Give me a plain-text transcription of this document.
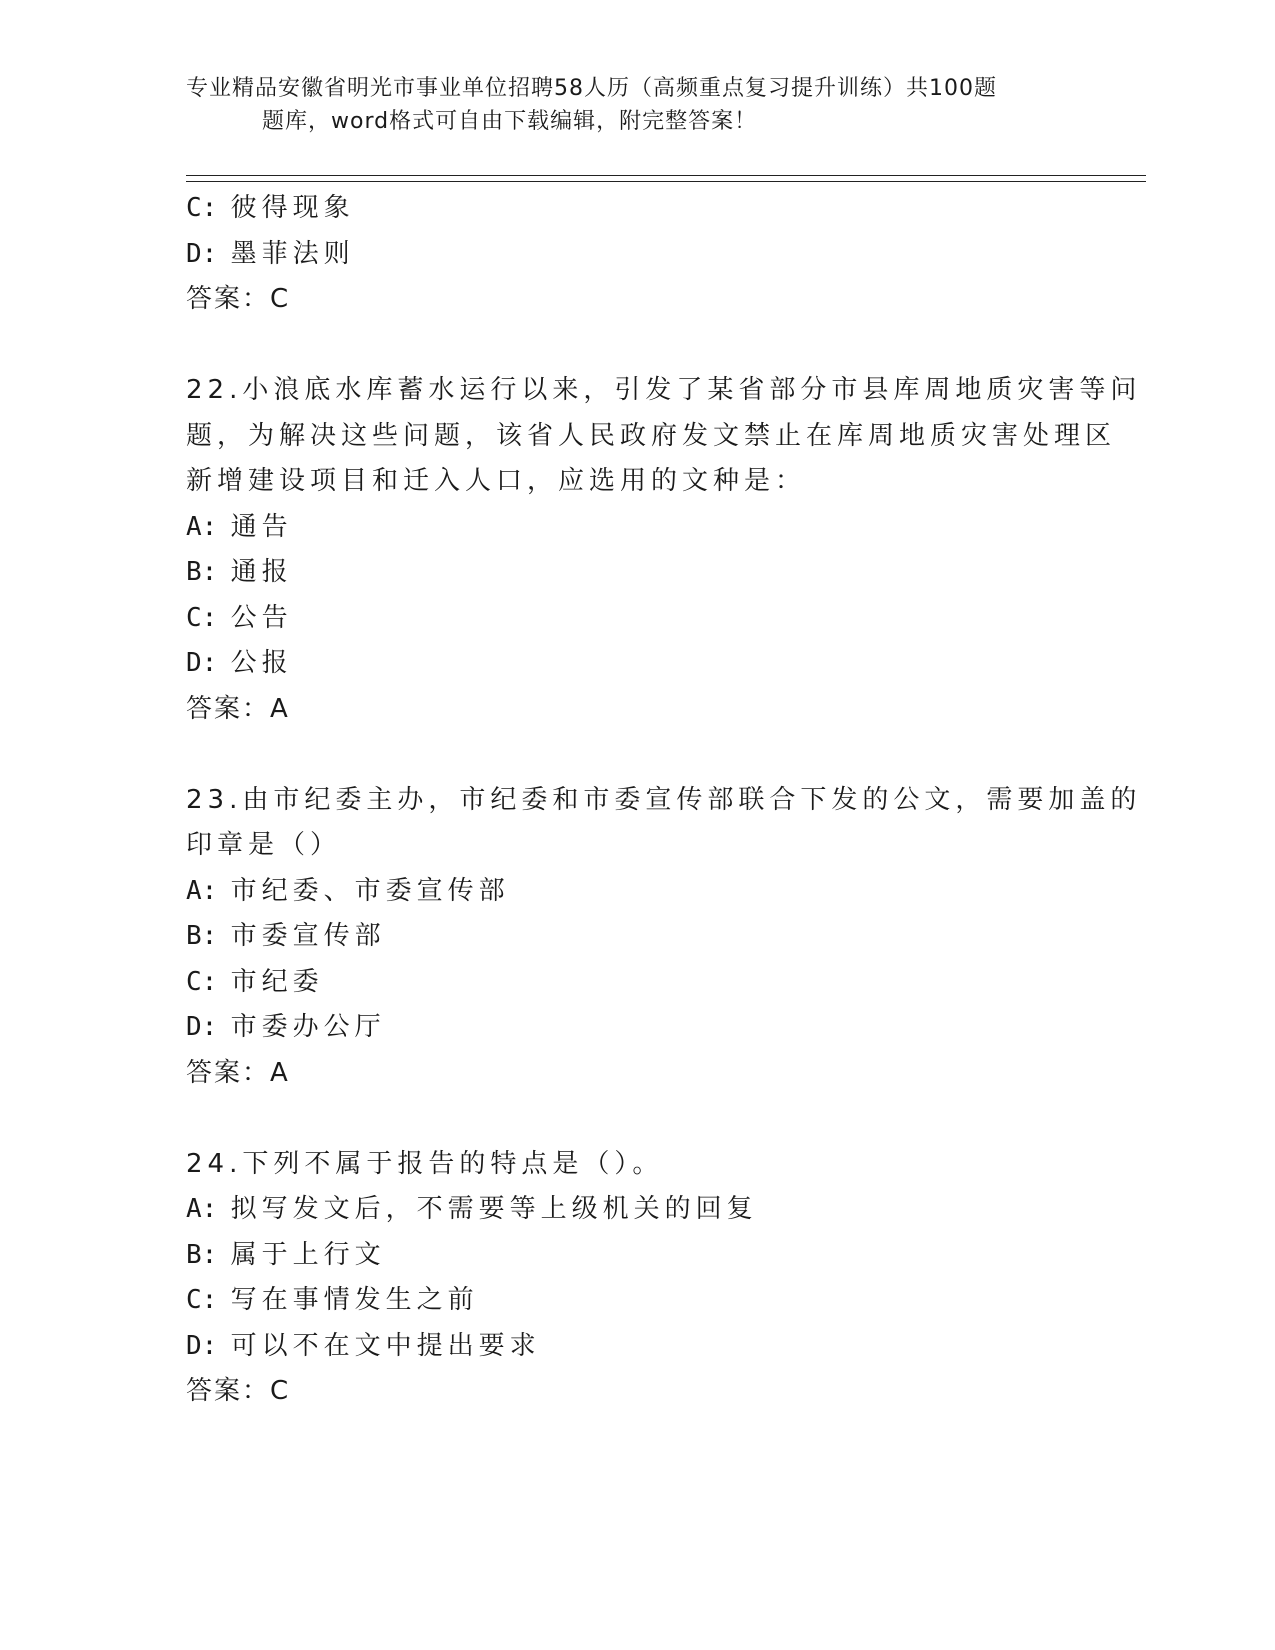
专业精品安徽省明光市事业单位招聘58人历（高频重点复习提升训练）共100题
题库，word格式可自由下载编辑，附完整答案！
C: 彼得现象
D: 墨菲法则
答案：C
22.小浪底水库蓄水运行以来，引发了某省部分市县库周地质灾害等问
题，为解决这些问题，该省人民政府发文禁止在库周地质灾害处理区
新增建设项目和迁入人口，应选用的文种是：
A: 通告
B: 通报
C: 公告
D: 公报
答案：A
23.由市纪委主办，市纪委和市委宣传部联合下发的公文，需要加盖的
印章是（）
A: 市纪委、市委宣传部
B: 市委宣传部
C: 市纪委
D: 市委办公厅
答案：A
24.下列不属于报告的特点是（）。
A: 拟写发文后，不需要等上级机关的回复
B: 属于上行文
C: 写在事情发生之前
D: 可以不在文中提出要求
答案：C
